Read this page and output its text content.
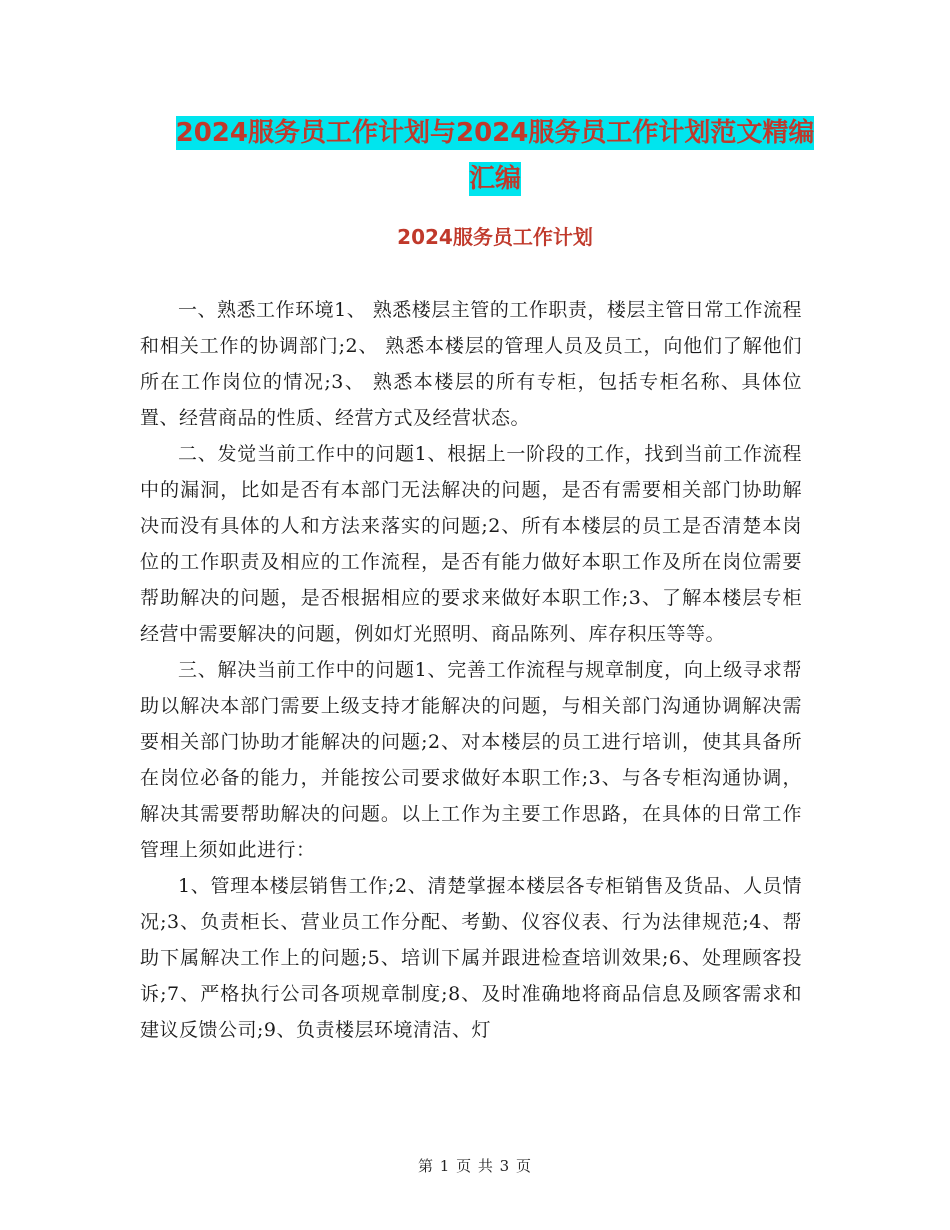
2024服务员工作计划与2024服务员工作计划范文精编
汇编
2024服务员工作计划

一、熟悉工作环境1、 熟悉楼层主管的工作职责，楼层主管日常工作流程和相关工作的协调部门;2、 熟悉本楼层的管理人员及员工，向他们了解他们所在工作岗位的情况;3、 熟悉本楼层的所有专柜，包括专柜名称、具体位置、经营商品的性质、经营方式及经营状态。

二、发觉当前工作中的问题1、根据上一阶段的工作，找到当前工作流程中的漏洞，比如是否有本部门无法解决的问题，是否有需要相关部门协助解决而没有具体的人和方法来落实的问题;2、所有本楼层的员工是否清楚本岗位的工作职责及相应的工作流程，是否有能力做好本职工作及所在岗位需要帮助解决的问题，是否根据相应的要求来做好本职工作;3、了解本楼层专柜经营中需要解决的问题，例如灯光照明、商品陈列、库存积压等等。

三、解决当前工作中的问题1、完善工作流程与规章制度，向上级寻求帮助以解决本部门需要上级支持才能解决的问题，与相关部门沟通协调解决需要相关部门协助才能解决的问题;2、对本楼层的员工进行培训，使其具备所在岗位必备的能力，并能按公司要求做好本职工作;3、与各专柜沟通协调，解决其需要帮助解决的问题。以上工作为主要工作思路，在具体的日常工作管理上须如此进行：

1、管理本楼层销售工作;2、清楚掌握本楼层各专柜销售及货品、人员情况;3、负责柜长、营业员工作分配、考勤、仪容仪表、行为法律规范;4、帮助下属解决工作上的问题;5、培训下属并跟进检查培训效果;6、处理顾客投诉;7、严格执行公司各项规章制度;8、及时准确地将商品信息及顾客需求和建议反馈公司;9、负责楼层环境清洁、灯

第 1 页 共 3 页
